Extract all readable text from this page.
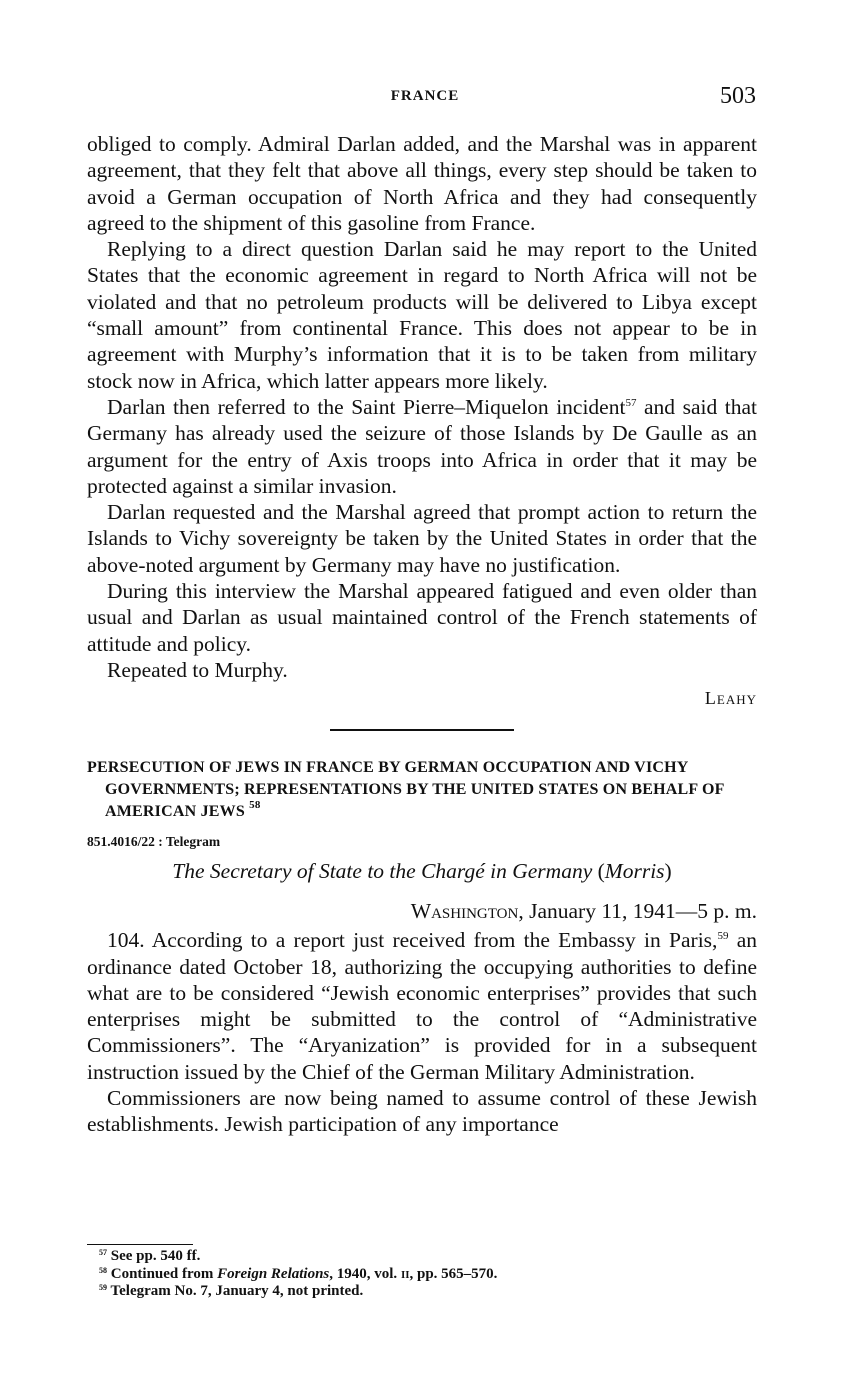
FRANCE	503

obliged to comply. Admiral Darlan added, and the Marshal was in apparent agreement, that they felt that above all things, every step should be taken to avoid a German occupation of North Africa and they had consequently agreed to the shipment of this gasoline from France.

Replying to a direct question Darlan said he may report to the United States that the economic agreement in regard to North Africa will not be violated and that no petroleum products will be delivered to Libya except “small amount” from continental France. This does not appear to be in agreement with Murphy’s information that it is to be taken from military stock now in Africa, which latter appears more likely.

Darlan then referred to the Saint Pierre–Miquelon incident$^{57}$ and said that Germany has already used the seizure of those Islands by De Gaulle as an argument for the entry of Axis troops into Africa in order that it may be protected against a similar invasion.

Darlan requested and the Marshal agreed that prompt action to return the Islands to Vichy sovereignty be taken by the United States in order that the above-noted argument by Germany may have no justification.

During this interview the Marshal appeared fatigued and even older than usual and Darlan as usual maintained control of the French statements of attitude and policy.

Repeated to Murphy.

Leahy
PERSECUTION OF JEWS IN FRANCE BY GERMAN OCCUPATION AND VICHY GOVERNMENTS; REPRESENTATIONS BY THE UNITED STATES ON BEHALF OF AMERICAN JEWS $^{58}$
851.4016/22 : Telegram
The Secretary of State to the Chargé in Germany (Morris)
Washington, January 11, 1941—5 p. m.

104. According to a report just received from the Embassy in Paris,$^{59}$ an ordinance dated October 18, authorizing the occupying authorities to define what are to be considered “Jewish economic enterprises” provides that such enterprises might be submitted to the control of “Administrative Commissioners”. The “Aryanization” is provided for in a subsequent instruction issued by the Chief of the German Military Administration.

Commissioners are now being named to assume control of these Jewish establishments. Jewish participation of any importance

$^{57}$ See pp. 540 ff.
$^{58}$ Continued from Foreign Relations, 1940, vol. ii, pp. 565–570.
$^{59}$ Telegram No. 7, January 4, not printed.
